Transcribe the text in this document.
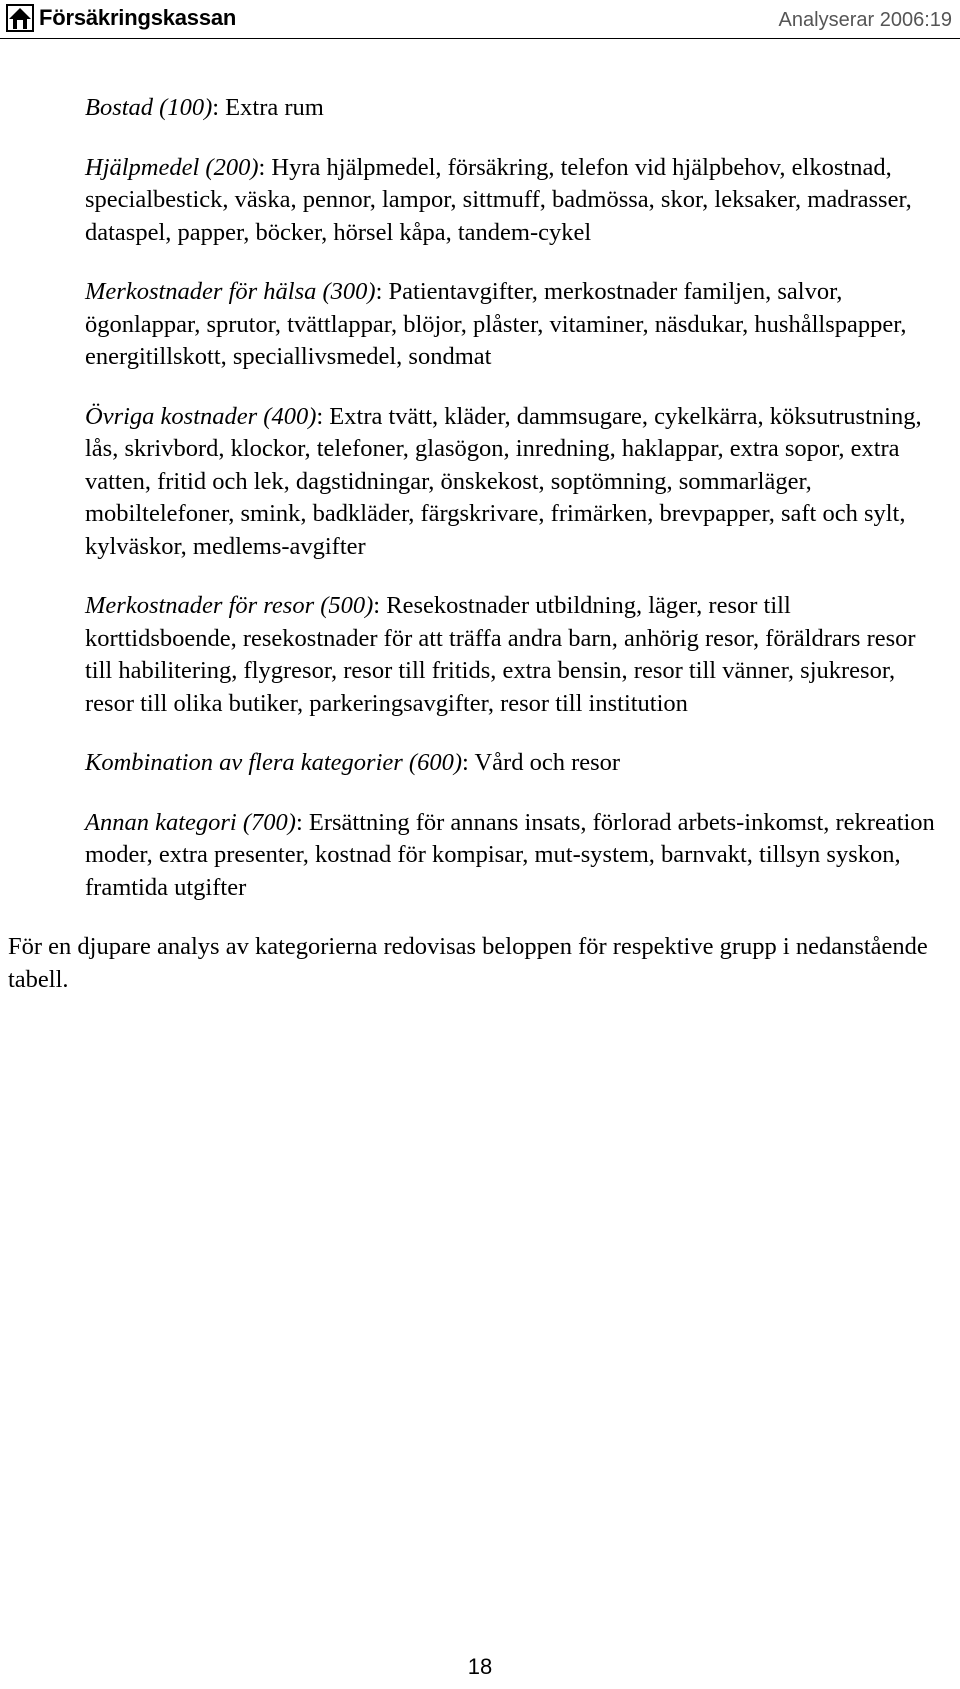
Försäkringskassan	Analyserar 2006:19

Bostad (100): Extra rum

Hjälpmedel (200): Hyra hjälpmedel, försäkring, telefon vid hjälpbehov, elkostnad, specialbestick, väska, pennor, lampor, sittmuff, badmössa, skor, leksaker, madrasser, dataspel, papper, böcker, hörsel kåpa, tandem-cykel

Merkostnader för hälsa (300): Patientavgifter, merkostnader familjen, salvor, ögonlappar, sprutor, tvättlappar, blöjor, plåster, vitaminer, näsdukar, hushållspapper, energitillskott, speciallivsmedel, sondmat

Övriga kostnader (400): Extra tvätt, kläder, dammsugare, cykelkärra, köksutrustning, lås, skrivbord, klockor, telefoner, glasögon, inredning, haklappar, extra sopor, extra vatten, fritid och lek, dagstidningar, önskekost, soptömning, sommarläger, mobiltelefoner, smink, badkläder, färgskrivare, frimärken, brevpapper, saft och sylt, kylväskor, medlems-avgifter

Merkostnader för resor (500): Resekostnader utbildning, läger, resor till korttidsboende, resekostnader för att träffa andra barn, anhörig resor, föräldrars resor till habilitering, flygresor, resor till fritids, extra bensin, resor till vänner, sjukresor, resor till olika butiker, parkeringsavgifter, resor till institution

Kombination av flera kategorier (600): Vård och resor

Annan kategori (700): Ersättning för annans insats, förlorad arbets-inkomst, rekreation moder, extra presenter, kostnad för kompisar, mut-system, barnvakt, tillsyn syskon, framtida utgifter

För en djupare analys av kategorierna redovisas beloppen för respektive grupp i nedanstående tabell.

18
